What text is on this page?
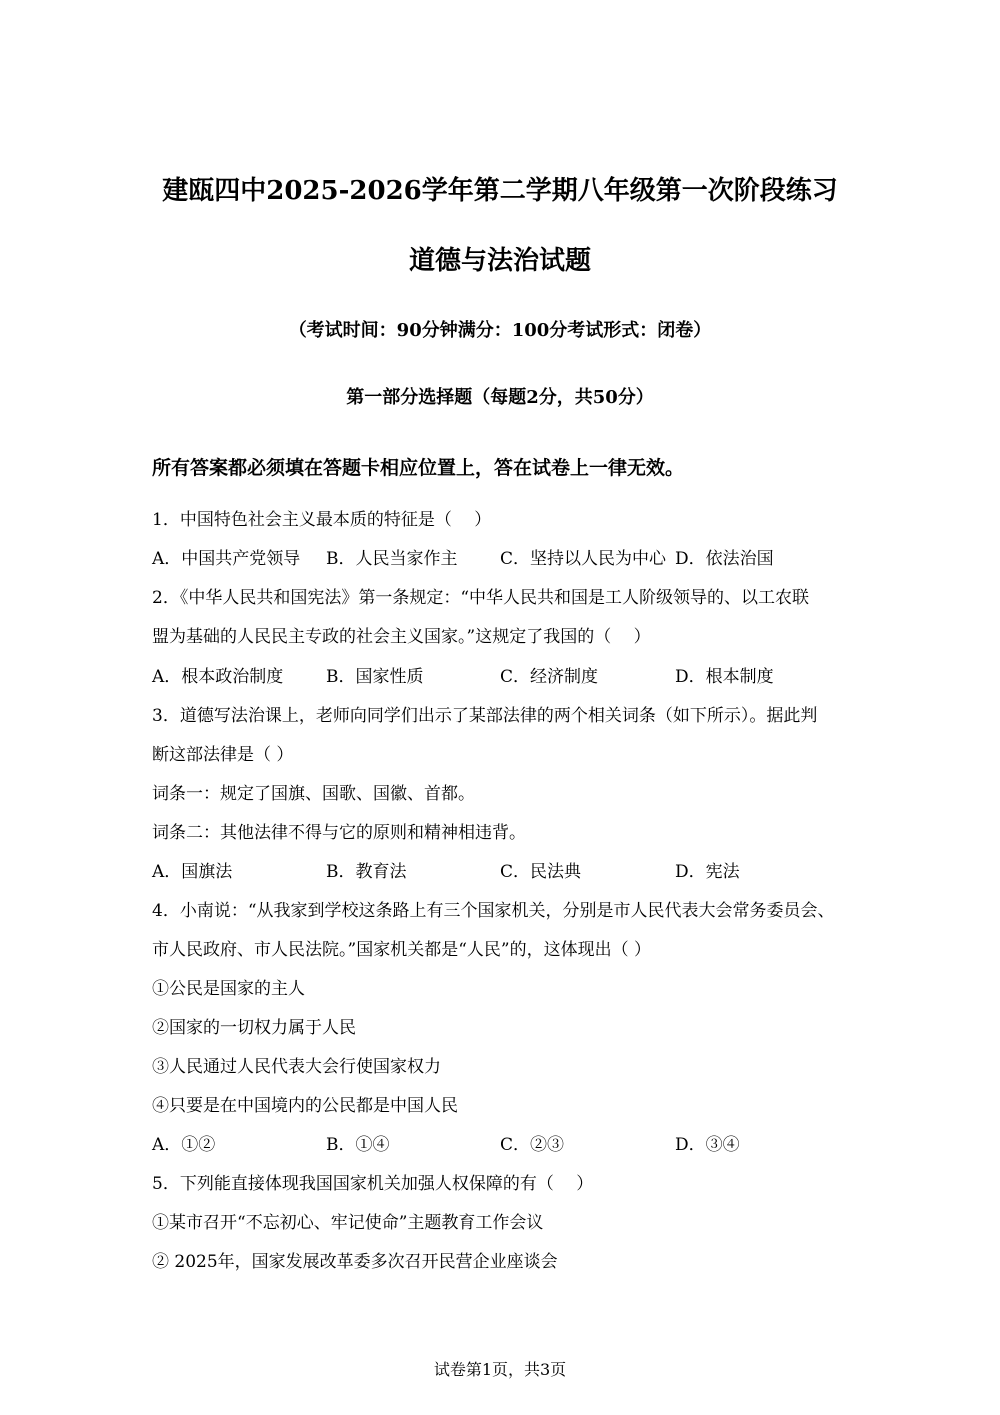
建瓯四中2025-2026学年第二学期八年级第一次阶段练习
道德与法治试题
（考试时间：90分钟满分：100分考试形式：闭卷）
第一部分选择题（每题2分，共50分）
所有答案都必须填在答题卡相应位置上，答在试卷上一律无效。
1．中国特色社会主义最本质的特征是（　 ）
A．中国共产党领导 B．人民当家作主	C．坚持以人民为中心 D．依法治国
2．《中华人民共和国宪法》第一条规定：“中华人民共和国是工人阶级领导的、以工农联
盟为基础的人民民主专政的社会主义国家。”这规定了我国的（　 ）
A．根本政治制度	B．国家性质	C．经济制度	D．根本制度
3．道德写法治课上，老师向同学们出示了某部法律的两个相关词条（如下所示）。据此判
断这部法律是（ ）
词条一：规定了国旗、国歌、国徽、首都。
词条二：其他法律不得与它的原则和精神相违背。
A．国旗法	B．教育法	C．民法典	D．宪法
4．小南说：“从我家到学校这条路上有三个国家机关，分别是市人民代表大会常务委员会、
市人民政府、市人民法院。”国家机关都是“人民”的，这体现出（ ）
①公民是国家的主人
②国家的一切权力属于人民
③人民通过人民代表大会行使国家权力
④只要是在中国境内的公民都是中国人民
A．①②	B．①④	C．②③	D．③④
5．下列能直接体现我国国家机关加强人权保障的有（　 ）
①某市召开“不忘初心、牢记使命”主题教育工作会议
② 2025年，国家发展改革委多次召开民营企业座谈会
试卷第1页，共3页
